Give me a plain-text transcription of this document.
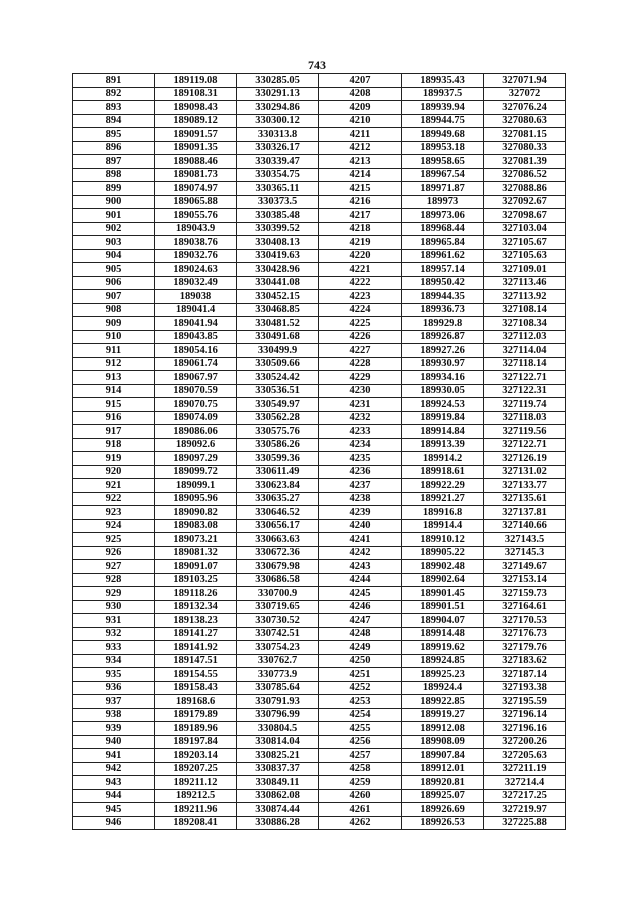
743
891	189119.08	330285.05	4207	189935.43	327071.94
892	189108.31	330291.13	4208	189937.5	327072
893	189098.43	330294.86	4209	189939.94	327076.24
894	189089.12	330300.12	4210	189944.75	327080.63
895	189091.57	330313.8	4211	189949.68	327081.15
896	189091.35	330326.17	4212	189953.18	327080.33
897	189088.46	330339.47	4213	189958.65	327081.39
898	189081.73	330354.75	4214	189967.54	327086.52
899	189074.97	330365.11	4215	189971.87	327088.86
900	189065.88	330373.5	4216	189973	327092.67
901	189055.76	330385.48	4217	189973.06	327098.67
902	189043.9	330399.52	4218	189968.44	327103.04
903	189038.76	330408.13	4219	189965.84	327105.67
904	189032.76	330419.63	4220	189961.62	327105.63
905	189024.63	330428.96	4221	189957.14	327109.01
906	189032.49	330441.08	4222	189950.42	327113.46
907	189038	330452.15	4223	189944.35	327113.92
908	189041.4	330468.85	4224	189936.73	327108.14
909	189041.94	330481.52	4225	189929.8	327108.34
910	189043.85	330491.68	4226	189926.87	327112.03
911	189054.16	330499.9	4227	189927.26	327114.04
912	189061.74	330509.66	4228	189930.97	327118.14
913	189067.97	330524.42	4229	189934.16	327122.71
914	189070.59	330536.51	4230	189930.05	327122.31
915	189070.75	330549.97	4231	189924.53	327119.74
916	189074.09	330562.28	4232	189919.84	327118.03
917	189086.06	330575.76	4233	189914.84	327119.56
918	189092.6	330586.26	4234	189913.39	327122.71
919	189097.29	330599.36	4235	189914.2	327126.19
920	189099.72	330611.49	4236	189918.61	327131.02
921	189099.1	330623.84	4237	189922.29	327133.77
922	189095.96	330635.27	4238	189921.27	327135.61
923	189090.82	330646.52	4239	189916.8	327137.81
924	189083.08	330656.17	4240	189914.4	327140.66
925	189073.21	330663.63	4241	189910.12	327143.5
926	189081.32	330672.36	4242	189905.22	327145.3
927	189091.07	330679.98	4243	189902.48	327149.67
928	189103.25	330686.58	4244	189902.64	327153.14
929	189118.26	330700.9	4245	189901.45	327159.73
930	189132.34	330719.65	4246	189901.51	327164.61
931	189138.23	330730.52	4247	189904.07	327170.53
932	189141.27	330742.51	4248	189914.48	327176.73
933	189141.92	330754.23	4249	189919.62	327179.76
934	189147.51	330762.7	4250	189924.85	327183.62
935	189154.55	330773.9	4251	189925.23	327187.14
936	189158.43	330785.64	4252	189924.4	327193.38
937	189168.6	330791.93	4253	189922.85	327195.59
938	189179.89	330796.99	4254	189919.27	327196.14
939	189189.96	330804.5	4255	189912.08	327196.16
940	189197.84	330814.04	4256	189908.09	327200.26
941	189203.14	330825.21	4257	189907.84	327205.63
942	189207.25	330837.37	4258	189912.01	327211.19
943	189211.12	330849.11	4259	189920.81	327214.4
944	189212.5	330862.08	4260	189925.07	327217.25
945	189211.96	330874.44	4261	189926.69	327219.97
946	189208.41	330886.28	4262	189926.53	327225.88
